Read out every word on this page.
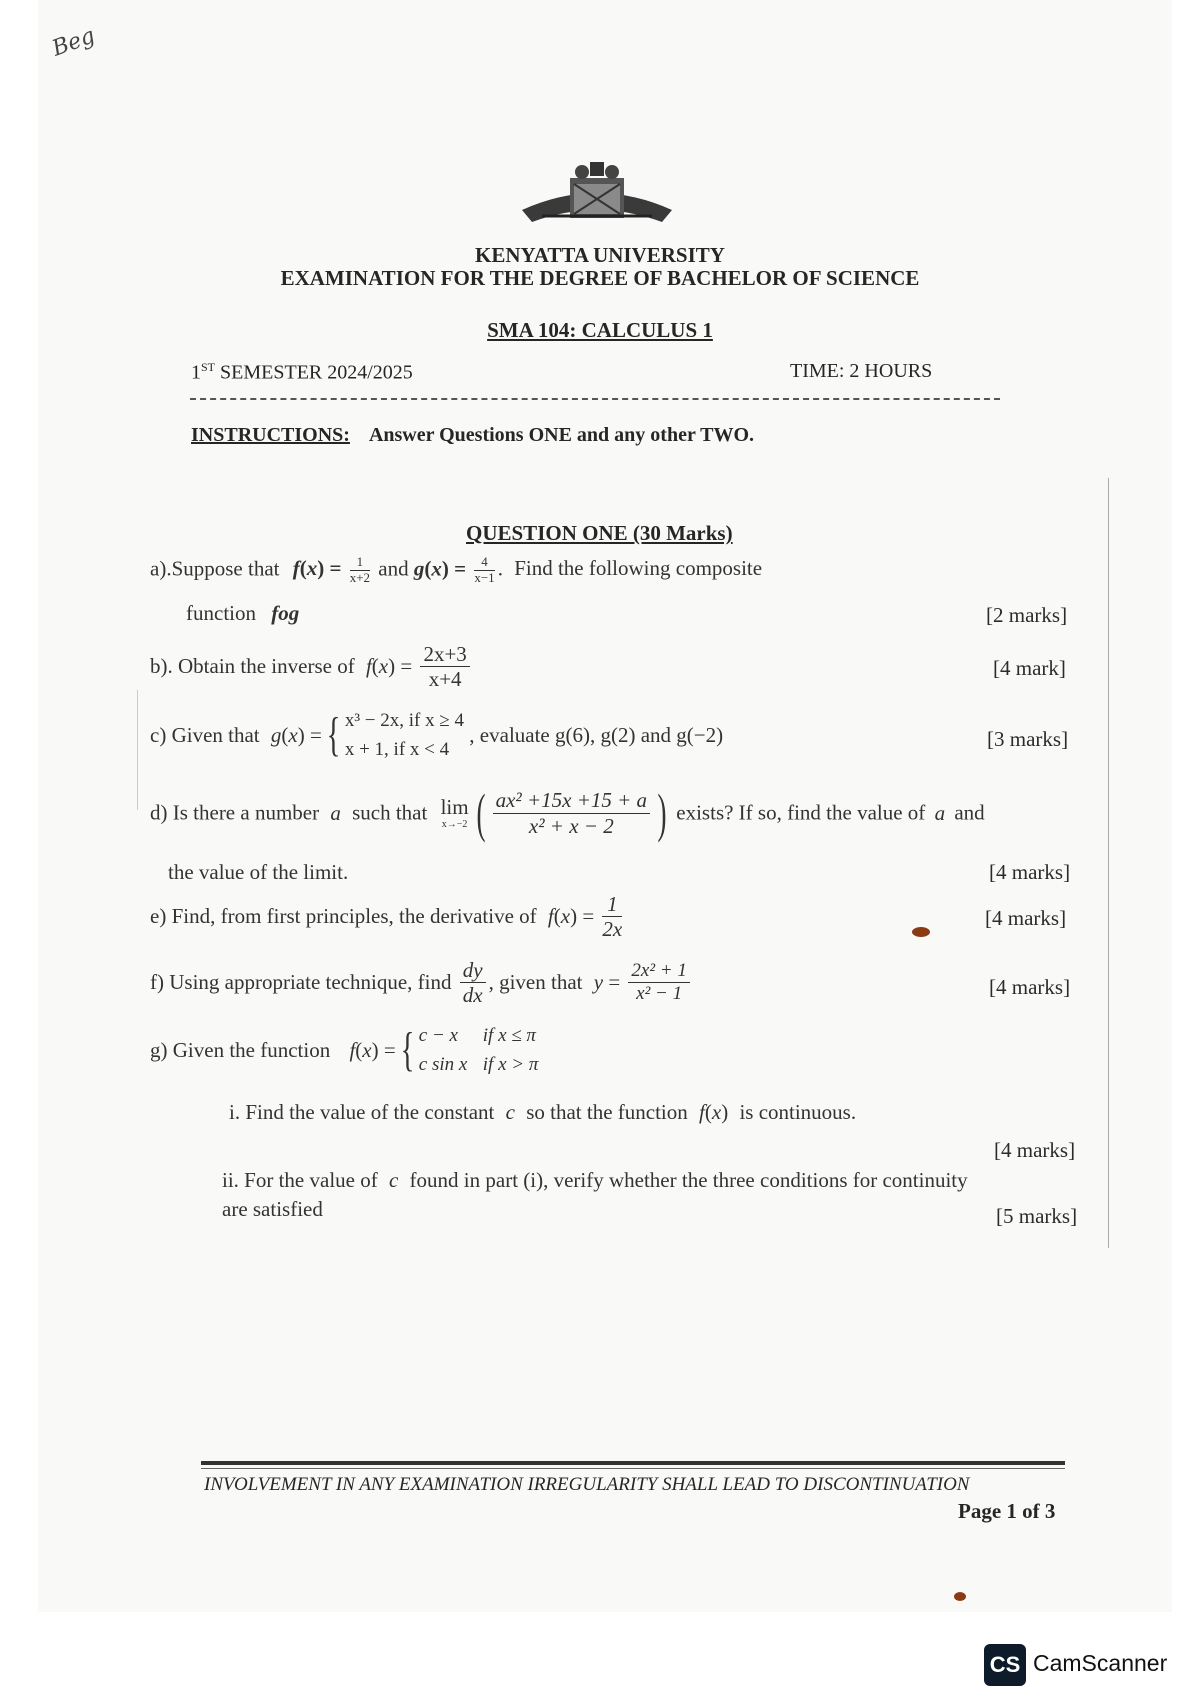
Beg
KENYATTA UNIVERSITY
EXAMINATION FOR THE DEGREE OF BACHELOR OF SCIENCE
SMA 104: CALCULUS 1
1ST SEMESTER 2024/2025	TIME: 2 HOURS
INSTRUCTIONS: Answer Questions ONE and any other TWO.
QUESTION ONE (30 Marks)
a).Suppose that $f(x) = \frac{1}{x+2}$ and $g(x) = \frac{4}{x-1}$ . Find the following composite
function fog	[2 marks]
b). Obtain the inverse of $f(x) = \frac{2x+3}{x+4}$	[4 mark]
c) Given that g(x) ={ x³ − 2x, if x ≥ 4
x + 1, if x < 4
, evaluate g(6), g(2) and g(−2)	[3 marks]
d) Is there a number a such that lim
x→−2 ( $\frac{\text{ax² +15x +15 + a}}{\text{x² + x − 2}}$ ) exists? If so, find the value of a and
the value of the limit.	[4 marks]
e) Find, from first principles, the derivative of $f(x) = \frac{1}{2x}$	[4 marks]
f) Using appropriate technique, find $\frac{dy}{dx}$ , given that $y = \frac{\text{2x² + 1}}{\text{x² − 1}}$	[4 marks]
g) Given the function f(x) ={ c − x if x ≤ π
c sin x if x > π
i. Find the value of the constant c so that the function f(x) is continuous.
[4 marks]
ii. For the value of c found in part (i), verify whether the three conditions for continuity
are satisfied	[5 marks]
INVOLVEMENT IN ANY EXAMINATION IRREGULARITY SHALL LEAD TO DISCONTINUATION
Page 1 of 3
CS CamScanner
